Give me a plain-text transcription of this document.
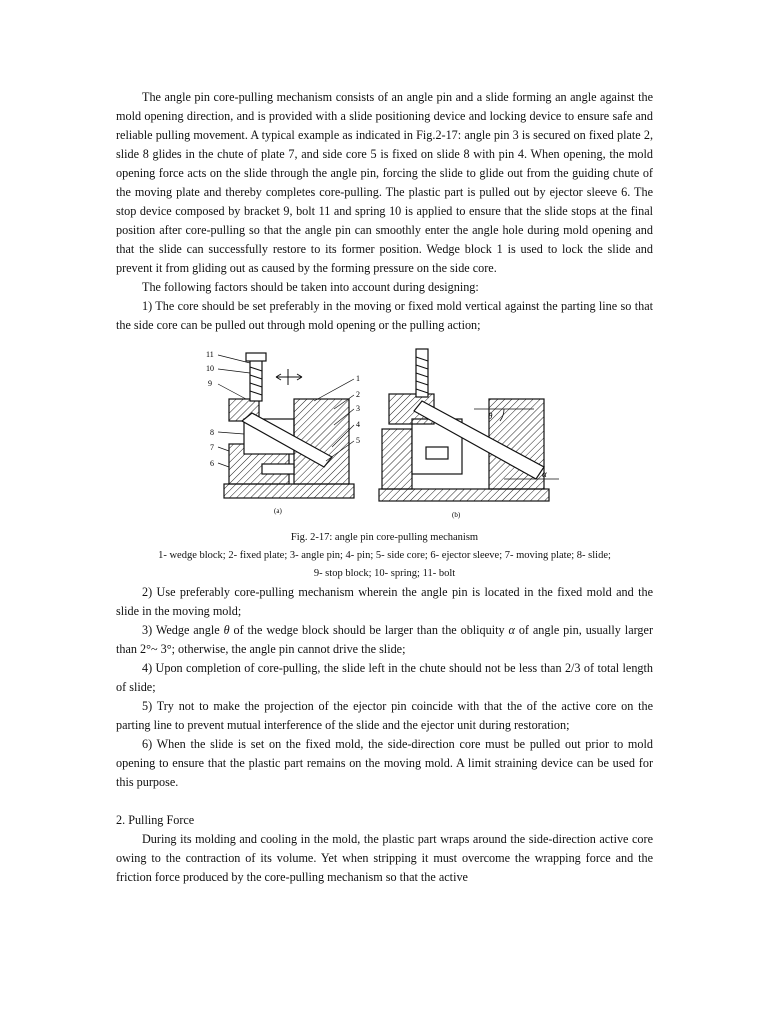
The angle pin core-pulling mechanism consists of an angle pin and a slide forming an angle against the mold opening direction, and is provided with a slide positioning device and locking device to ensure safe and reliable pulling movement. A typical example as indicated in Fig.2-17: angle pin 3 is secured on fixed plate 2, slide 8 glides in the chute of plate 7, and side core 5 is fixed on slide 8 with pin 4. When opening, the mold opening force acts on the slide through the angle pin, forcing the slide to glide out from the guiding chute of the moving plate and thereby completes core-pulling. The plastic part is pulled out by ejector sleeve 6. The stop device composed by bracket 9, bolt 11 and spring 10 is applied to ensure that the slide stops at the final position after core-pulling so that the angle pin can smoothly enter the angle hole during mold opening and that the slide can successfully restore to its former position. Wedge block 1 is used to lock the slide and prevent it from gliding out as caused by the forming pressure on the side core.

The following factors should be taken into account during designing:

1) The core should be set preferably in the moving or fixed mold vertical against the parting line so that the side core can be pulled out through mold opening or the pulling action;

11
10
9
8
7
6
1
2
3
4
5
(a)
θ
α
(b)
Fig. 2-17: angle pin core-pulling mechanism
1- wedge block; 2- fixed plate; 3- angle pin; 4- pin; 5- side core; 6- ejector sleeve; 7- moving plate; 8- slide;
9- stop block; 10- spring; 11- bolt

2) Use preferably core-pulling mechanism wherein the angle pin is located in the fixed mold and the slide in the moving mold;

3) Wedge angle θ of the wedge block should be larger than the obliquity α of angle pin, usually larger than 2°~ 3°; otherwise, the angle pin cannot drive the slide;

4) Upon completion of core-pulling, the slide left in the chute should not be less than 2/3 of total length of slide;

5) Try not to make the projection of the ejector pin coincide with that the of the active core on the parting line to prevent mutual interference of the slide and the ejector unit during restoration;

6) When the slide is set on the fixed mold, the side-direction core must be pulled out prior to mold opening to ensure that the plastic part remains on the moving mold. A limit straining device can be used for this purpose.

2. Pulling Force

During its molding and cooling in the mold, the plastic part wraps around the side-direction active core owing to the contraction of its volume. Yet when stripping it must overcome the wrapping force and the friction force produced by the core-pulling mechanism so that the active
